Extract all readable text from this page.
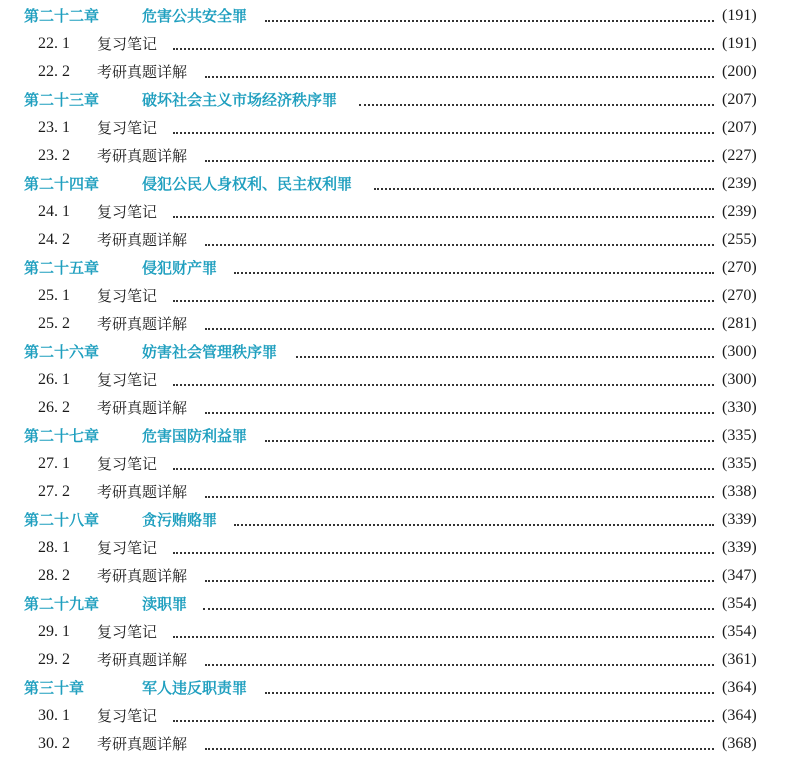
第二十二章	危害公共安全罪	(191)
22. 1 复习笔记	(191)
22. 2 考研真题详解	(200)
第二十三章	破坏社会主义市场经济秩序罪	(207)
23. 1 复习笔记	(207)
23. 2 考研真题详解	(227)
第二十四章	侵犯公民人身权利、民主权利罪	(239)
24. 1 复习笔记	(239)
24. 2 考研真题详解	(255)
第二十五章	侵犯财产罪	(270)
25. 1 复习笔记	(270)
25. 2 考研真题详解	(281)
第二十六章	妨害社会管理秩序罪	(300)
26. 1 复习笔记	(300)
26. 2 考研真题详解	(330)
第二十七章	危害国防利益罪	(335)
27. 1 复习笔记	(335)
27. 2 考研真题详解	(338)
第二十八章	贪污贿赂罪	(339)
28. 1 复习笔记	(339)
28. 2 考研真题详解	(347)
第二十九章	渎职罪	(354)
29. 1 复习笔记	(354)
29. 2 考研真题详解	(361)
第三十章	军人违反职责罪	(364)
30. 1 复习笔记	(364)
30. 2 考研真题详解	(368)
